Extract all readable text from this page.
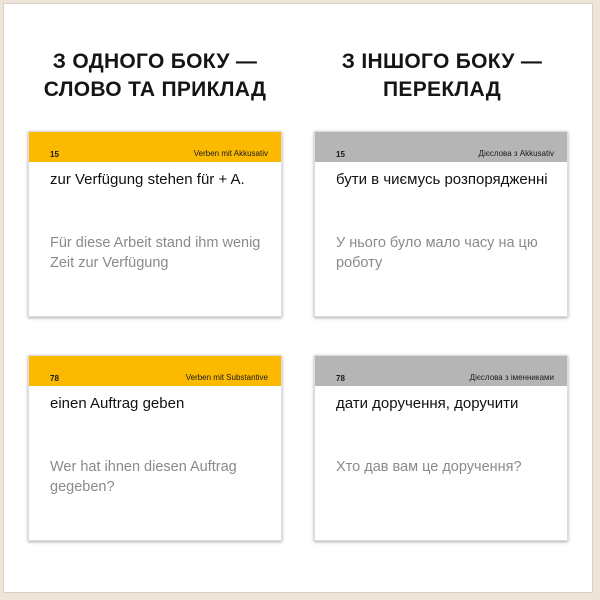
З ОДНОГО БОКУ —
СЛОВО ТА ПРИКЛАД
З ІНШОГО БОКУ —
ПЕРЕКЛАД
15	Verben mit Akkusativ
zur Verfügung stehen für + A.
Für diese Arbeit stand ihm wenig Zeit zur Verfügung
15	Дієслова з Akkusativ
бути в чиємусь розпорядженні
У нього було мало часу на цю роботу
78	Verben mit Substantive
einen Auftrag geben
Wer hat ihnen diesen Auftrag gegeben?
78	Дієслова з іменниками
дати доручення, доручити
Хто дав вам це доручення?
